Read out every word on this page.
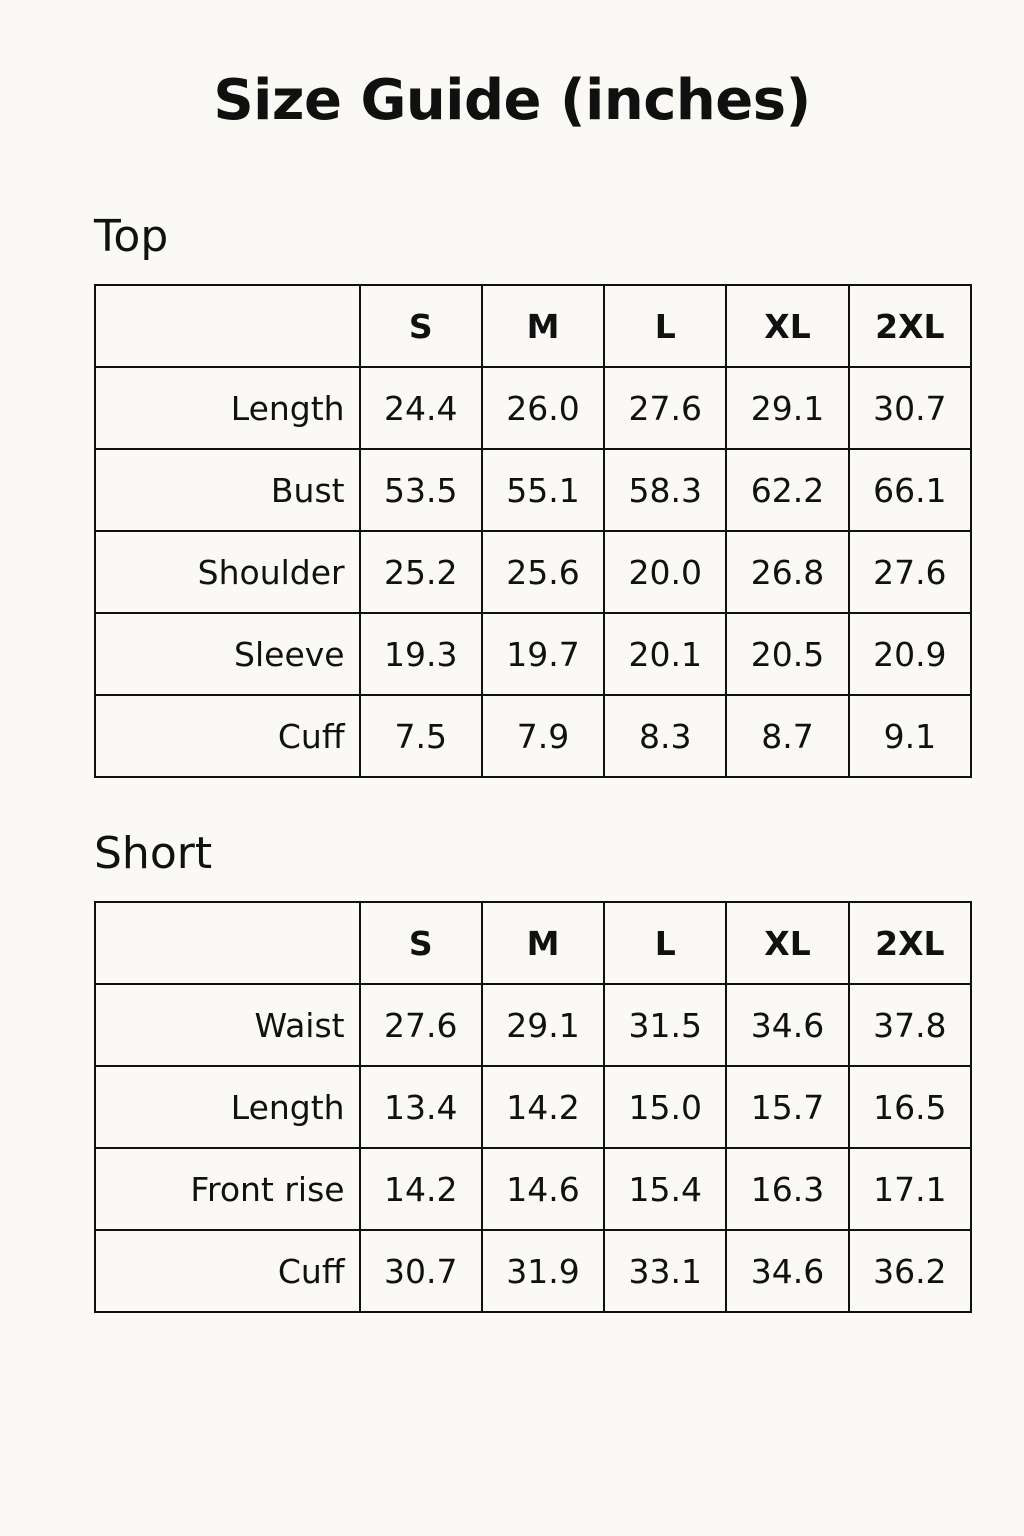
Size Guide (inches)
Top
	S	M	L	XL	2XL
Length	24.4	26.0	27.6	29.1	30.7
Bust	53.5	55.1	58.3	62.2	66.1
Shoulder	25.2	25.6	20.0	26.8	27.6
Sleeve	19.3	19.7	20.1	20.5	20.9
Cuff	7.5	7.9	8.3	8.7	9.1
Short
	S	M	L	XL	2XL
Waist	27.6	29.1	31.5	34.6	37.8
Length	13.4	14.2	15.0	15.7	16.5
Front rise	14.2	14.6	15.4	16.3	17.1
Cuff	30.7	31.9	33.1	34.6	36.2
